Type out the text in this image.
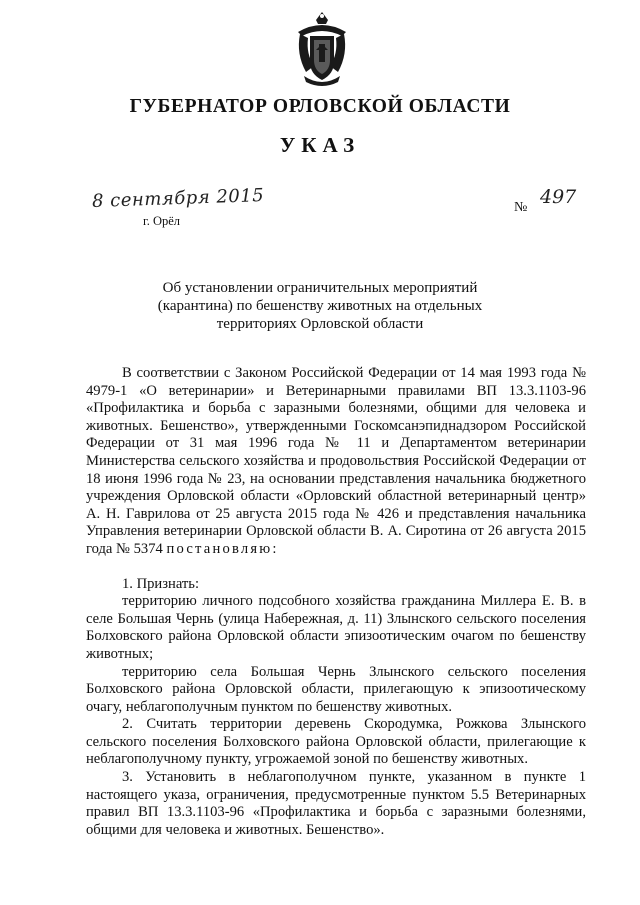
ГУБЕРНАТОР ОРЛОВСКОЙ ОБЛАСТИ
УКАЗ
8 сентября 2015
г. Орёл
№ 497
Об установлении ограничительных мероприятий
(карантина) по бешенству животных на отдельных
территориях Орловской области

В соответствии с Законом Российской Федерации от 14 мая 1993 года № 4979-1 «О ветеринарии» и Ветеринарными правилами ВП 13.3.1103-96 «Профилактика и борьба с заразными болезнями, общими для человека и животных. Бешенство», утвержденными Госкомсанэпиднадзором Российской Федерации от 31 мая 1996 года № 11 и Департаментом ветеринарии Министерства сельского хозяйства и продовольствия Российской Федерации от 18 июня 1996 года № 23, на основании представления начальника бюджетного учреждения Орловской области «Орловский областной ветеринарный центр» А. Н. Гаврилова от 25 августа 2015 года № 426 и представления начальника Управления ветеринарии Орловской области В. А. Сиротина от 26 августа 2015 года № 5374 постановляю:

1. Признать:

территорию личного подсобного хозяйства гражданина Миллера Е. В. в селе Большая Чернь (улица Набережная, д. 11) Злынского сельского поселения Болховского района Орловской области эпизоотическим очагом по бешенству животных;

территорию села Большая Чернь Злынского сельского поселения Болховского района Орловской области, прилегающую к эпизоотическому очагу, неблагополучным пунктом по бешенству животных.

2. Считать территории деревень Скородумка, Рожкова Злынского сельского поселения Болховского района Орловской области, прилегающие к неблагополучному пункту, угрожаемой зоной по бешенству животных.

3. Установить в неблагополучном пункте, указанном в пункте 1 настоящего указа, ограничения, предусмотренные пунктом 5.5 Ветеринарных правил ВП 13.3.1103-96 «Профилактика и борьба с заразными болезнями, общими для человека и животных. Бешенство».
